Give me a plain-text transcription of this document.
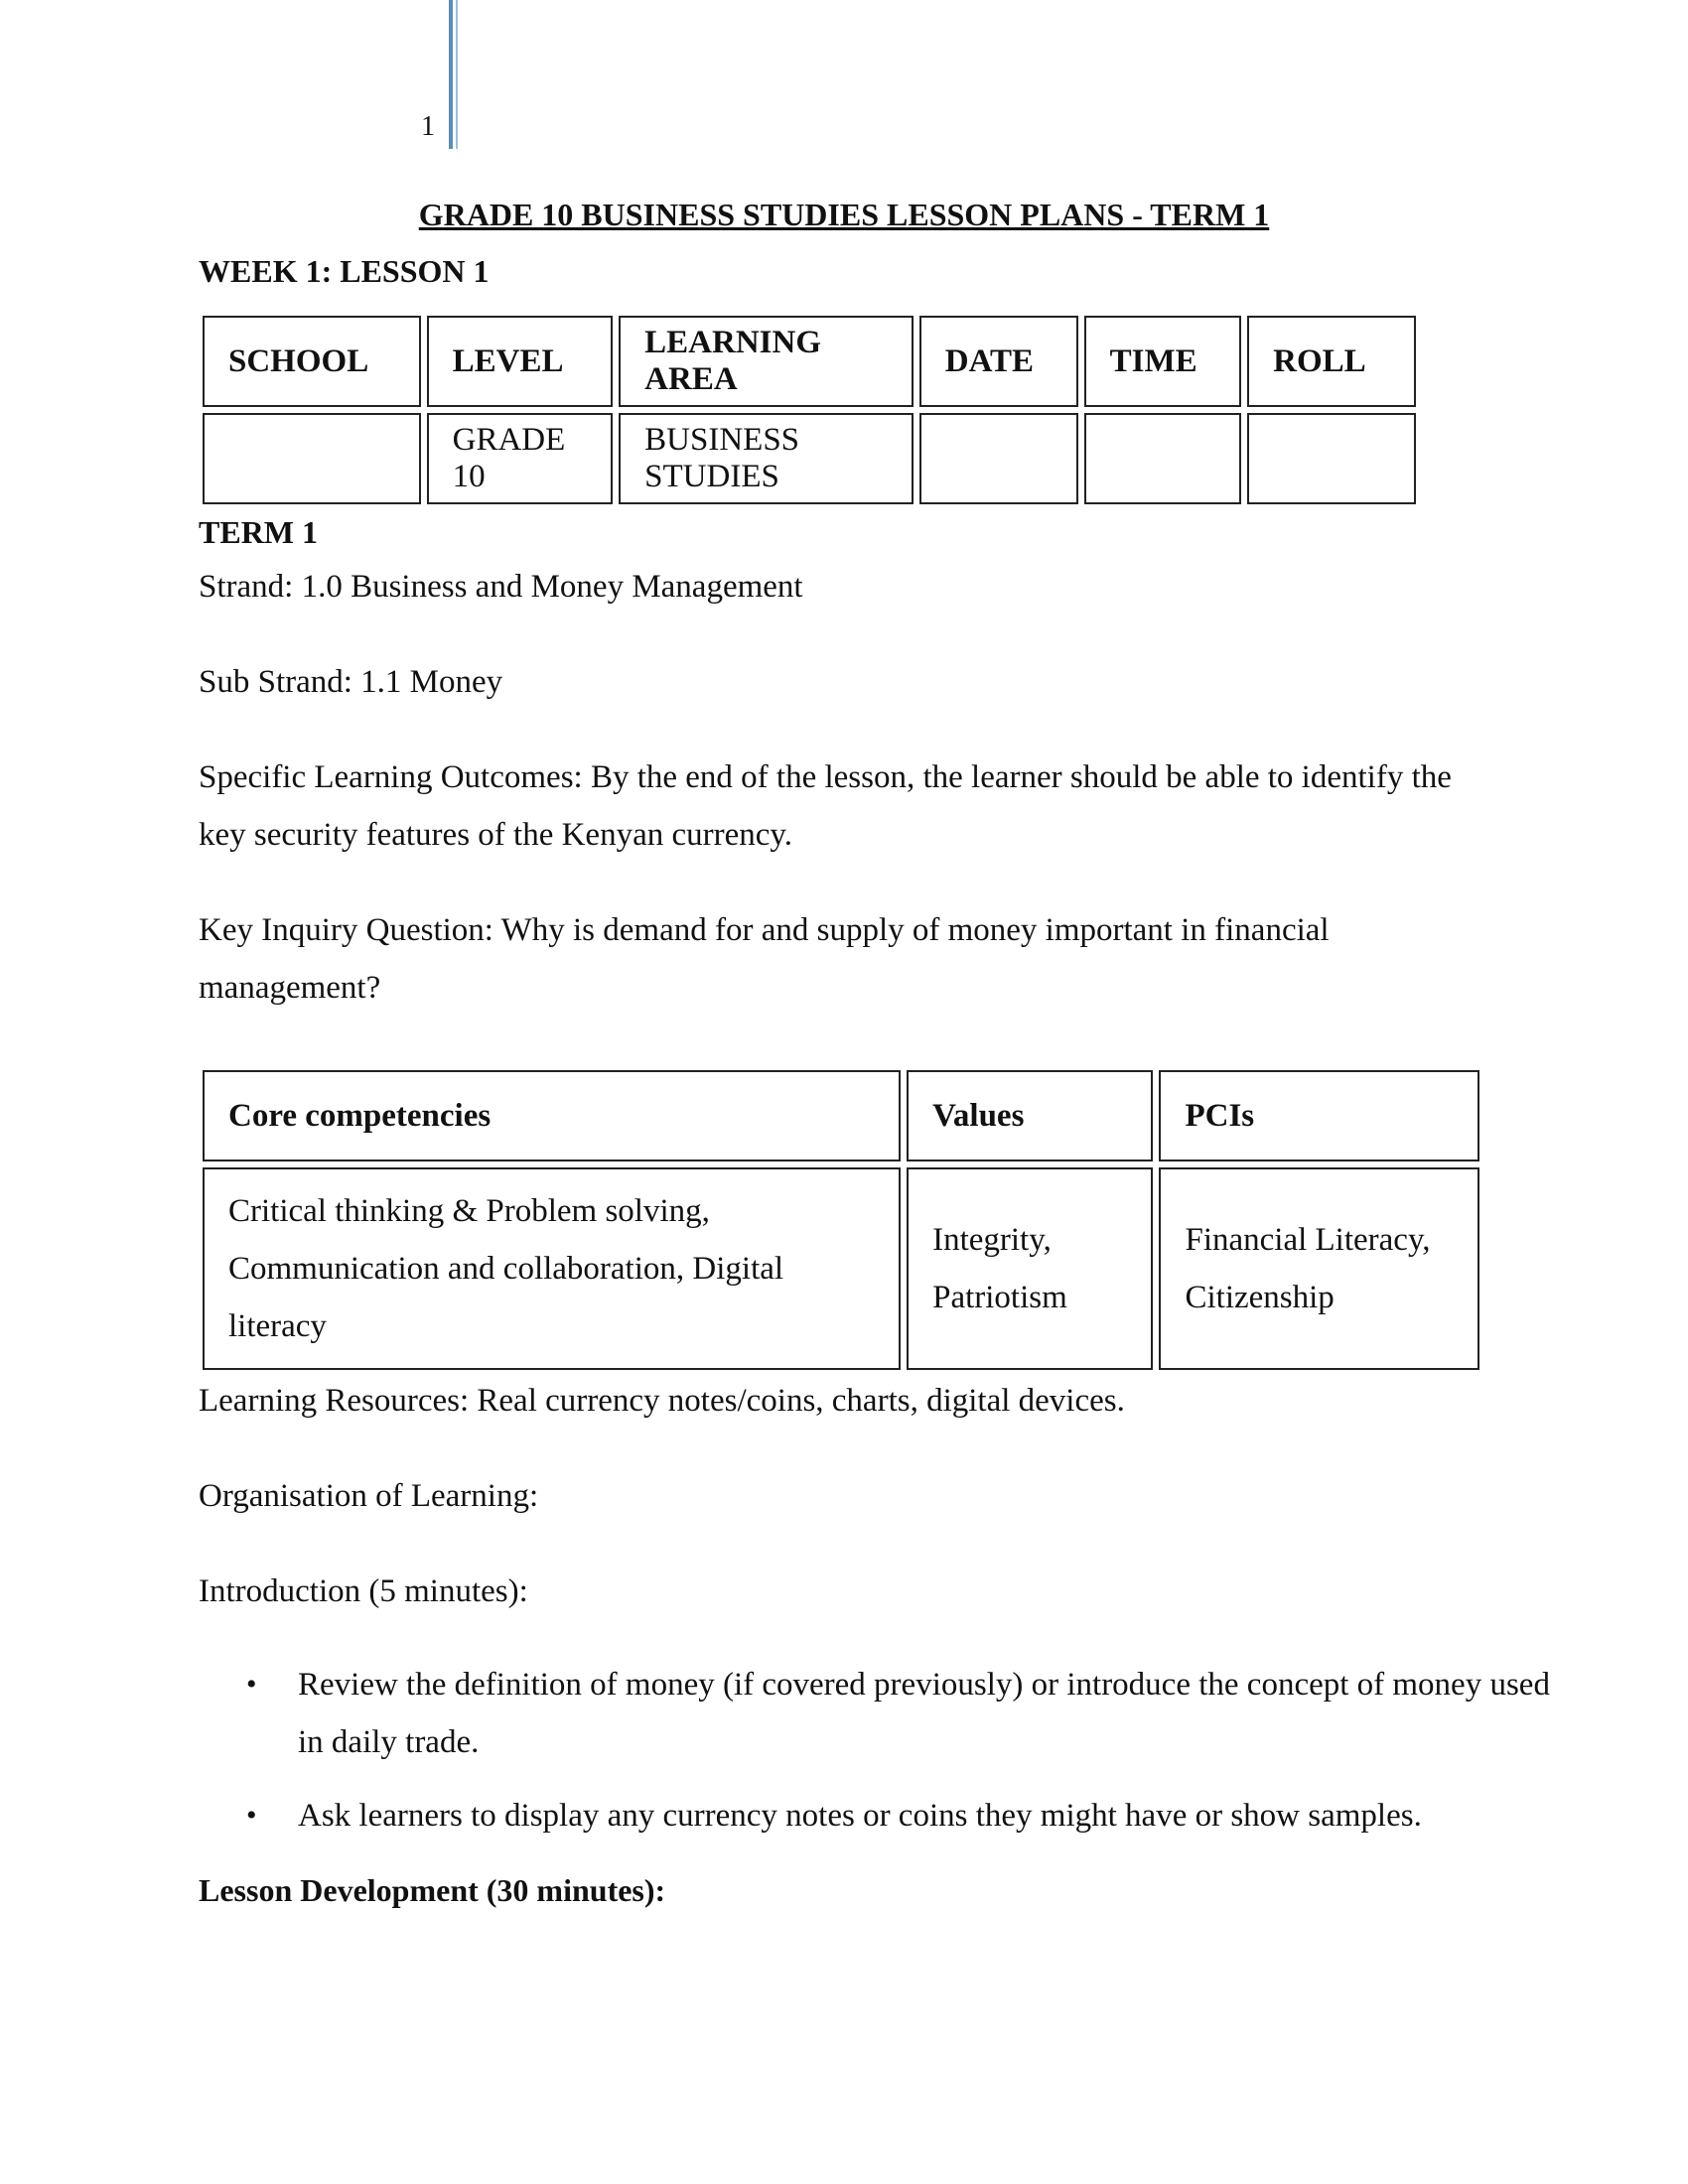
1
GRADE 10 BUSINESS STUDIES LESSON PLANS - TERM 1
WEEK 1: LESSON 1
SCHOOL	LEVEL	LEARNING AREA	DATE	TIME	ROLL
	GRADE 10	BUSINESS STUDIES			
TERM 1
Strand: 1.0 Business and Money Management
Sub Strand: 1.1 Money
Specific Learning Outcomes: By the end of the lesson, the learner should be able to identify the key security features of the Kenyan currency.
Key Inquiry Question: Why is demand for and supply of money important in financial management?
Core competencies	Values	PCIs
Critical thinking & Problem solving, Communication and collaboration, Digital literacy	Integrity, Patriotism	Financial Literacy, Citizenship
Learning Resources: Real currency notes/coins, charts, digital devices.
Organisation of Learning:
Introduction (5 minutes):
• Review the definition of money (if covered previously) or introduce the concept of money used in daily trade.
• Ask learners to display any currency notes or coins they might have or show samples.
Lesson Development (30 minutes):
